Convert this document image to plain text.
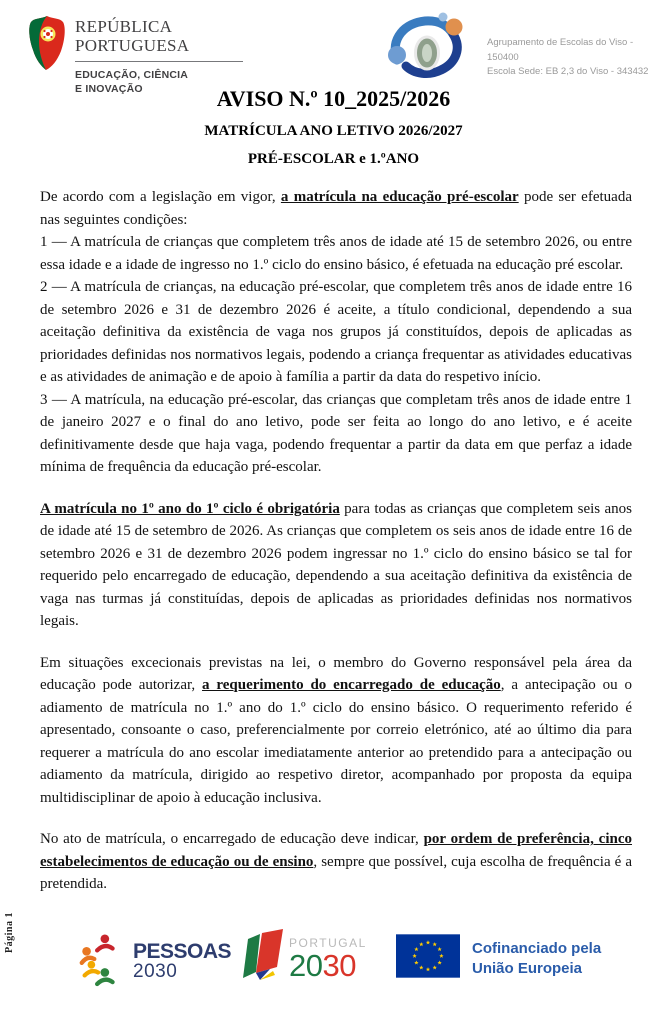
REPÚBLICA
PORTUGUESA
EDUCAÇÃO, CIÊNCIA
E INOVAÇÃO
Agrupamento de Escolas do Viso - 150400
Escola Sede: EB 2,3 do Viso - 343432
AVISO N.º 10_2025/2026
MATRÍCULA ANO LETIVO 2026/2027
PRÉ-ESCOLAR e 1.ºANO

De acordo com a legislação em vigor, a matrícula na educação pré-escolar pode ser efetuada nas seguintes condições:

1 — A matrícula de crianças que completem três anos de idade até 15 de setembro 2026, ou entre essa idade e a idade de ingresso no 1.º ciclo do ensino básico, é efetuada na educação pré escolar.

2 — A matrícula de crianças, na educação pré-escolar, que completem três anos de idade entre 16 de setembro 2026 e 31 de dezembro 2026 é aceite, a título condicional, dependendo a sua aceitação definitiva da existência de vaga nos grupos já constituídos, depois de aplicadas as prioridades definidas nos normativos legais, podendo a criança frequentar as atividades educativas e as atividades de animação e de apoio à família a partir da data do respetivo início.

3 — A matrícula, na educação pré-escolar, das crianças que completam três anos de idade entre 1 de janeiro 2027 e o final do ano letivo, pode ser feita ao longo do ano letivo, e é aceite definitivamente desde que haja vaga, podendo frequentar a partir da data em que perfaz a idade mínima de frequência da educação pré-escolar.

A matrícula no 1º ano do 1º ciclo é obrigatória para todas as crianças que completem seis anos de idade até 15 de setembro de 2026. As crianças que completem os seis anos de idade entre 16 de setembro 2026 e 31 de dezembro 2026 podem ingressar no 1.º ciclo do ensino básico se tal for requerido pelo encarregado de educação, dependendo a sua aceitação definitiva da existência de vaga nas turmas já constituídas, depois de aplicadas as prioridades definidas nos normativos legais.

Em situações excecionais previstas na lei, o membro do Governo responsável pela área da educação pode autorizar, a requerimento do encarregado de educação, a antecipação ou o adiamento de matrícula no 1.º ano do 1.º ciclo do ensino básico. O requerimento referido é apresentado, consoante o caso, preferencialmente por correio eletrónico, até ao último dia para requerer a matrícula do ano escolar imediatamente anterior ao pretendido para a antecipação ou adiamento da matrícula, dirigido ao respetivo diretor, acompanhado por proposta da equipa multidisciplinar de apoio à educação inclusiva.

No ato de matrícula, o encarregado de educação deve indicar, por ordem de preferência, cinco estabelecimentos de educação ou de ensino, sempre que possível, cuja escolha de frequência é a pretendida.

PESSOAS
2030
PORTUGAL
2030	Cofinanciado pela
União Europeia
Página 1
